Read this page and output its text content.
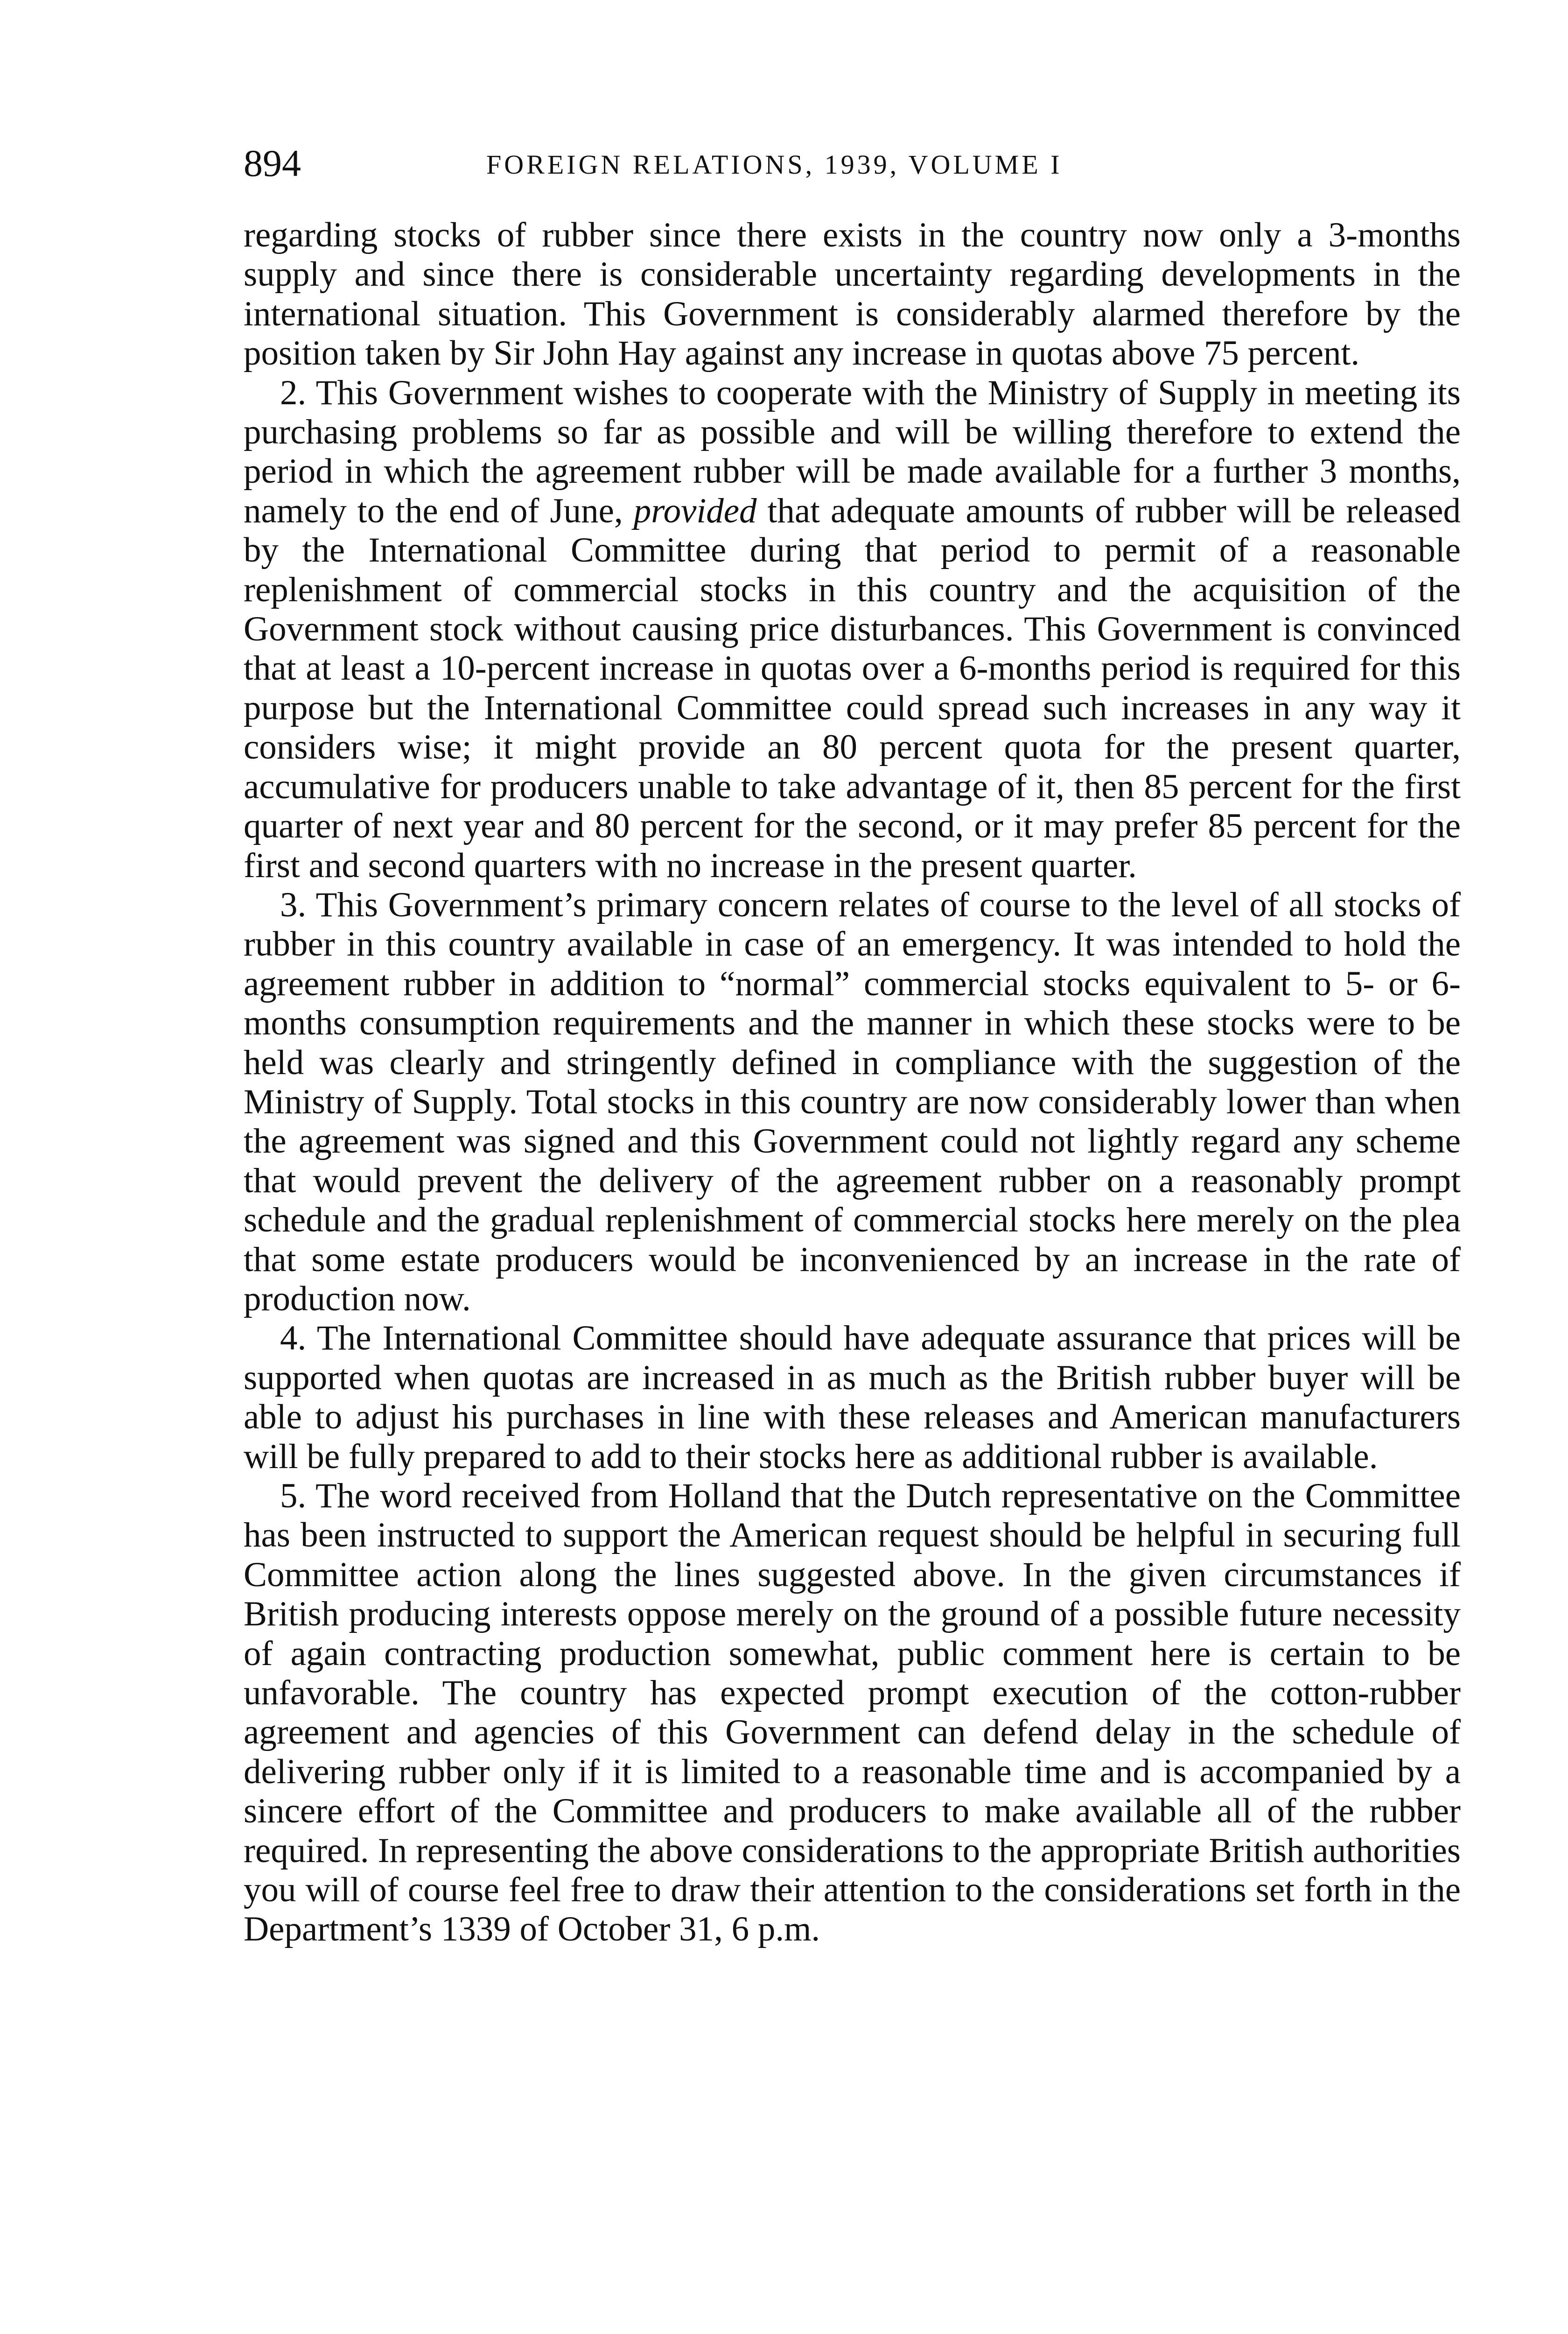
894	FOREIGN RELATIONS, 1939, VOLUME I

regarding stocks of rubber since there exists in the country now only a 3-months supply and since there is considerable uncertainty regarding developments in the international situation. This Government is considerably alarmed therefore by the position taken by Sir John Hay against any increase in quotas above 75 percent.

2. This Government wishes to cooperate with the Ministry of Supply in meeting its purchasing problems so far as possible and will be willing therefore to extend the period in which the agreement rubber will be made available for a further 3 months, namely to the end of June, provided that adequate amounts of rubber will be released by the International Committee during that period to permit of a reasonable replenishment of commercial stocks in this country and the acquisition of the Government stock without causing price disturbances. This Government is convinced that at least a 10-percent increase in quotas over a 6-months period is required for this purpose but the International Committee could spread such increases in any way it considers wise; it might provide an 80 percent quota for the present quarter, accumulative for producers unable to take advantage of it, then 85 percent for the first quarter of next year and 80 percent for the second, or it may prefer 85 percent for the first and second quarters with no increase in the present quarter.

3. This Government’s primary concern relates of course to the level of all stocks of rubber in this country available in case of an emergency. It was intended to hold the agreement rubber in addition to “normal” commercial stocks equivalent to 5- or 6-months consumption requirements and the manner in which these stocks were to be held was clearly and stringently defined in compliance with the suggestion of the Ministry of Supply. Total stocks in this country are now considerably lower than when the agreement was signed and this Government could not lightly regard any scheme that would prevent the delivery of the agreement rubber on a reasonably prompt schedule and the gradual replenishment of commercial stocks here merely on the plea that some estate producers would be inconvenienced by an increase in the rate of production now.

4. The International Committee should have adequate assurance that prices will be supported when quotas are increased in as much as the British rubber buyer will be able to adjust his purchases in line with these releases and American manufacturers will be fully prepared to add to their stocks here as additional rubber is available.

5. The word received from Holland that the Dutch representative on the Committee has been instructed to support the American request should be helpful in securing full Committee action along the lines suggested above. In the given circumstances if British producing interests oppose merely on the ground of a possible future necessity of again contracting production somewhat, public comment here is certain to be unfavorable. The country has expected prompt execution of the cotton-rubber agreement and agencies of this Government can defend delay in the schedule of delivering rubber only if it is limited to a reasonable time and is accompanied by a sincere effort of the Committee and producers to make available all of the rubber required. In representing the above considerations to the appropriate British authorities you will of course feel free to draw their attention to the considerations set forth in the Department’s 1339 of October 31, 6 p.m.
